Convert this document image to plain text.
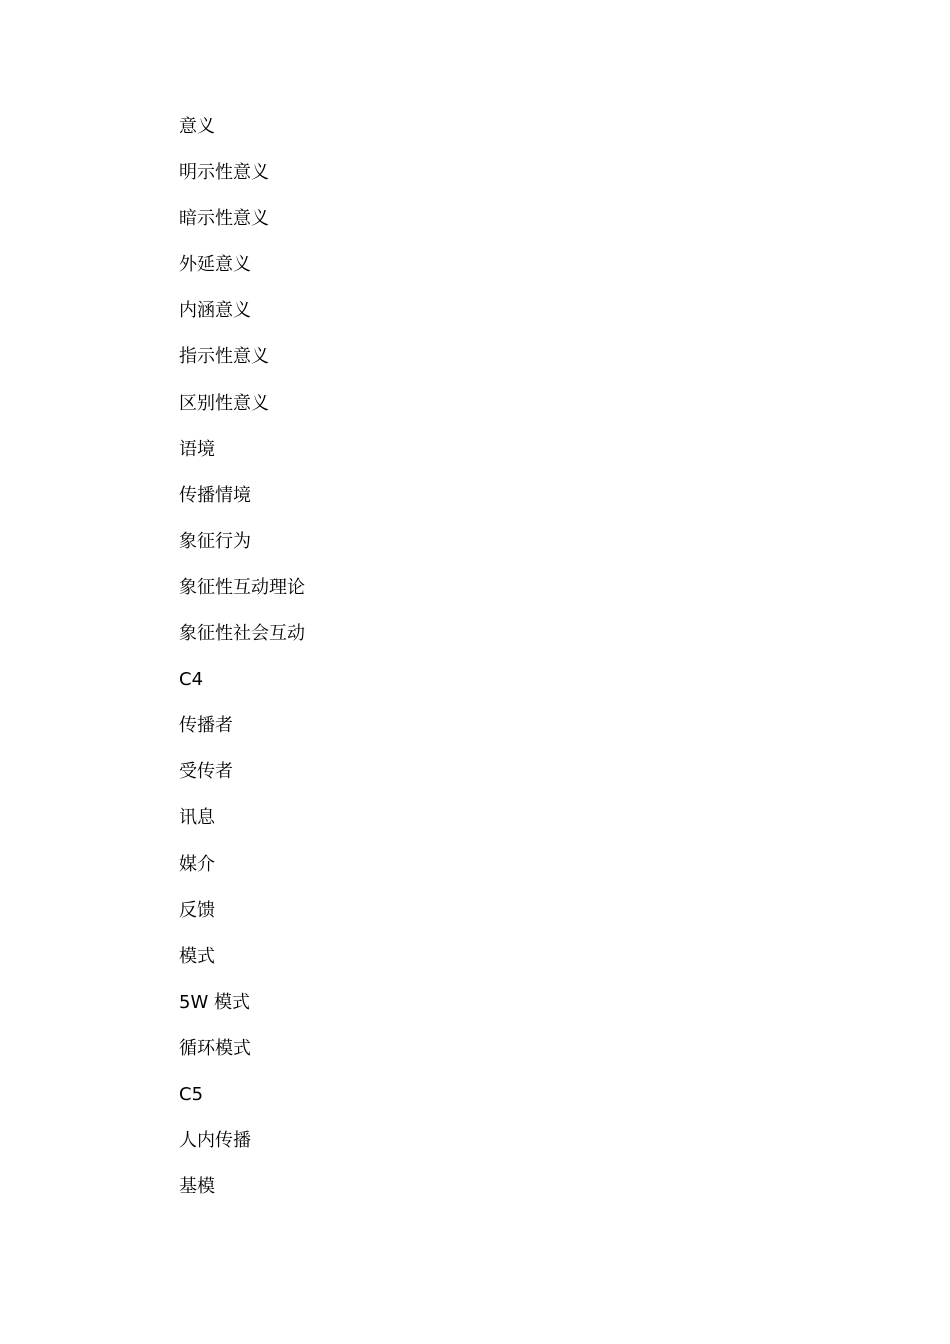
意义
明示性意义
暗示性意义
外延意义
内涵意义
指示性意义
区别性意义
语境
传播情境
象征行为
象征性互动理论
象征性社会互动
C4
传播者
受传者
讯息
媒介
反馈
模式
5W 模式
循环模式
C5
人内传播
基模
